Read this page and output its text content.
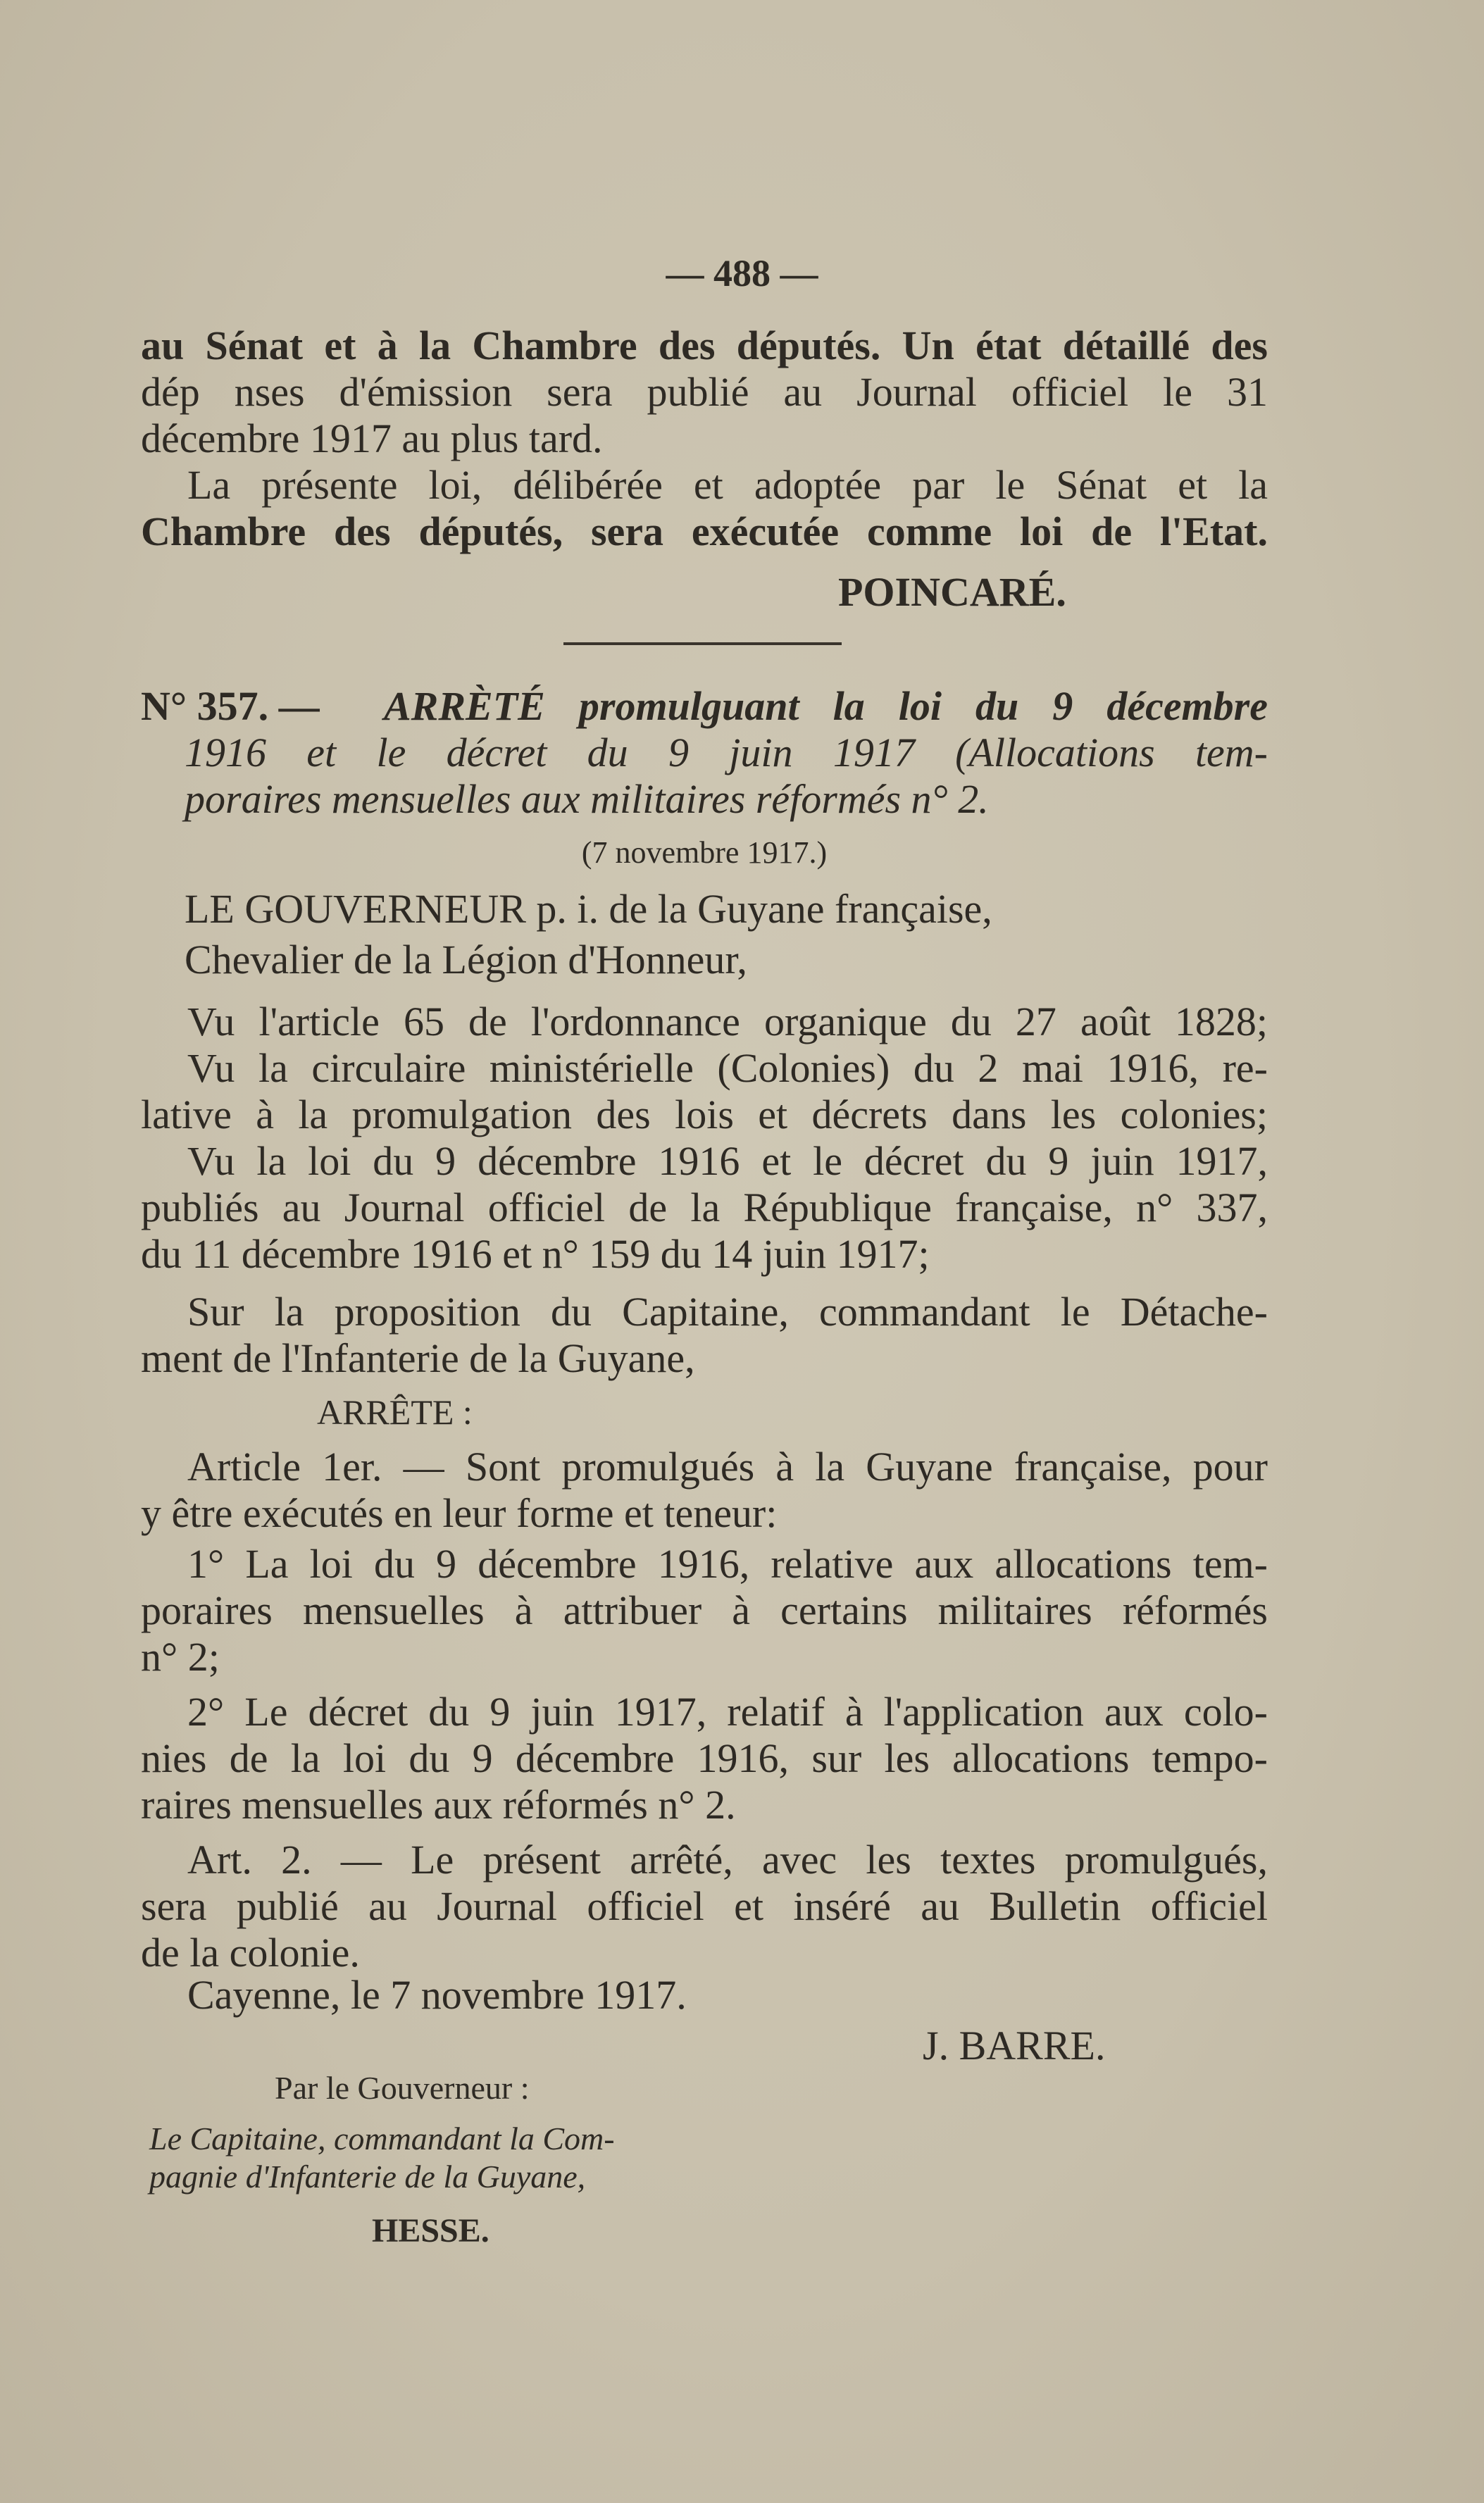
— 488 —
au Sénat et à la Chambre des députés. Un état détaillé des
dép nses d'émission sera publié au Journal officiel le 31
décembre 1917 au plus tard.
La présente loi, délibérée et adoptée par le Sénat et la
Chambre des députés, sera exécutée comme loi de l'Etat.
POINCARÉ.
N° 357. — ARRÈTÉ promulguant la loi du 9 décembre
1916 et le décret du 9 juin 1917 (Allocations tem-
poraires mensuelles aux militaires réformés n° 2.
(7 novembre 1917.)
LE GOUVERNEUR p. i. de la Guyane française,
Chevalier de la Légion d'Honneur,
Vu l'article 65 de l'ordonnance organique du 27 août 1828;
Vu la circulaire ministérielle (Colonies) du 2 mai 1916, re-
lative à la promulgation des lois et décrets dans les colonies;
Vu la loi du 9 décembre 1916 et le décret du 9 juin 1917,
publiés au Journal officiel de la République française, n° 337,
du 11 décembre 1916 et n° 159 du 14 juin 1917;
Sur la proposition du Capitaine, commandant le Détache-
ment de l'Infanterie de la Guyane,
ARRÊTE :
Article 1er. — Sont promulgués à la Guyane française, pour
y être exécutés en leur forme et teneur:
1° La loi du 9 décembre 1916, relative aux allocations tem-
poraires mensuelles à attribuer à certains militaires réformés
n° 2;
2° Le décret du 9 juin 1917, relatif à l'application aux colo-
nies de la loi du 9 décembre 1916, sur les allocations tempo-
raires mensuelles aux réformés n° 2.
Art. 2. — Le présent arrêté, avec les textes promulgués,
sera publié au Journal officiel et inséré au Bulletin officiel
de la colonie.
Cayenne, le 7 novembre 1917.
J. BARRE.
Par le Gouverneur :
Le Capitaine, commandant la Com-
pagnie d'Infanterie de la Guyane,
HESSE.
